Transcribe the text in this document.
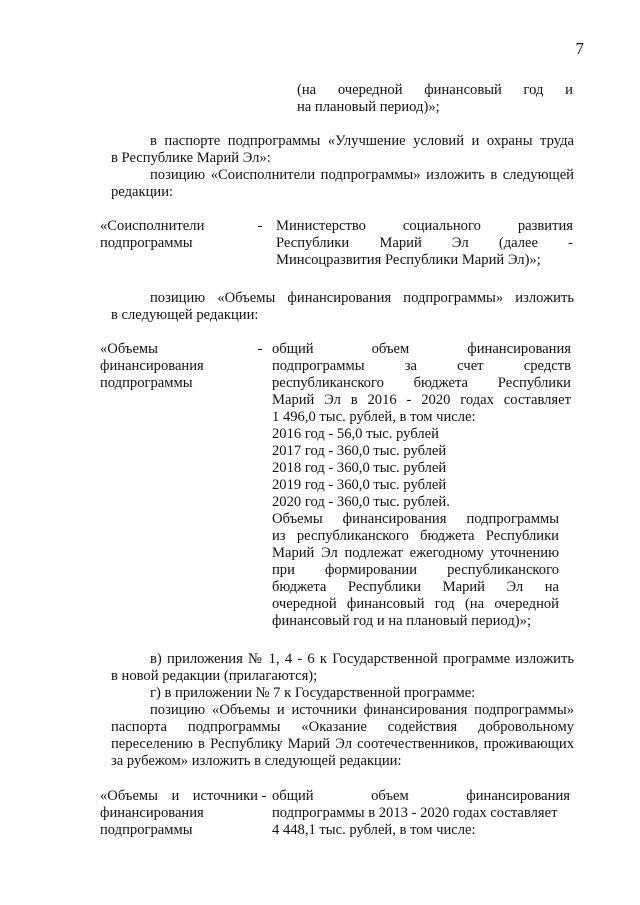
7
(на очередной финансовый год и
на плановый период)»;
в паспорте подпрограммы «Улучшение условий и охраны труда
в Республике Марий Эл»:
позицию «Соисполнители подпрограммы» изложить в следующей
редакции:
«Соисполнители
подпрограммы
- Министерство социального развития
Республики Марий Эл (далее -
Минсоцразвития Республики Марий Эл)»;
позицию «Объемы финансирования подпрограммы» изложить
в следующей редакции:
«Объемы
финансирования
подпрограммы
- общий объем финансирования
подпрограммы за счет средств
республиканского бюджета Республики
Марий Эл в 2016 - 2020 годах составляет
1 496,0 тыс. рублей, в том числе:
2016 год - 56,0 тыс. рублей
2017 год - 360,0 тыс. рублей
2018 год - 360,0 тыс. рублей
2019 год - 360,0 тыс. рублей
2020 год - 360,0 тыс. рублей.
Объемы финансирования подпрограммы
из республиканского бюджета Республики
Марий Эл подлежат ежегодному уточнению
при формировании республиканского
бюджета Республики Марий Эл на
очередной финансовый год (на очередной
финансовый год и на плановый период)»;
в) приложения № 1, 4 - 6 к Государственной программе изложить
в новой редакции (прилагаются);
г) в приложении № 7 к Государственной программе:
позицию «Объемы и источники финансирования подпрограммы»
паспорта подпрограммы «Оказание содействия добровольному
переселению в Республику Марий Эл соотечественников, проживающих
за рубежом» изложить в следующей редакции:
«Объемы и источники
финансирования
подпрограммы
- общий объем финансирования
подпрограммы в 2013 - 2020 годах составляет
4 448,1 тыс. рублей, в том числе:
